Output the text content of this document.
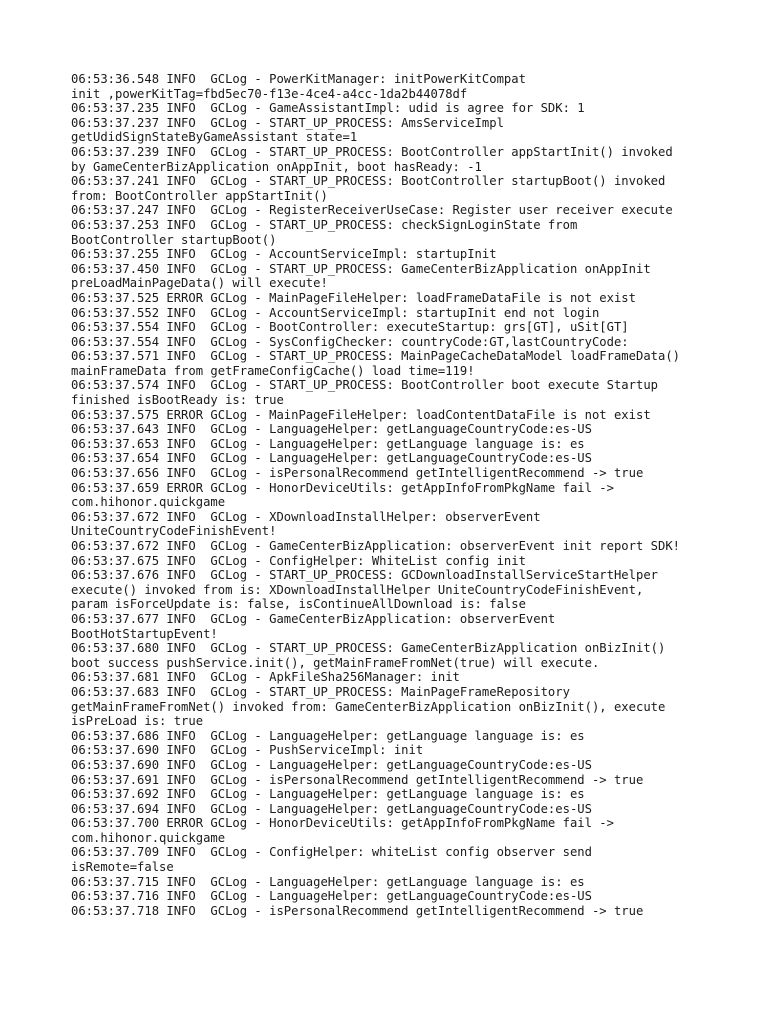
06:53:36.548 INFO  GCLog - PowerKitManager: initPowerKitCompat
init ,powerKitTag=fbd5ec70-f13e-4ce4-a4cc-1da2b44078df
06:53:37.235 INFO  GCLog - GameAssistantImpl: udid is agree for SDK: 1
06:53:37.237 INFO  GCLog - START_UP_PROCESS: AmsServiceImpl
getUdidSignStateByGameAssistant state=1
06:53:37.239 INFO  GCLog - START_UP_PROCESS: BootController appStartInit() invoked
by GameCenterBizApplication onAppInit, boot hasReady: -1
06:53:37.241 INFO  GCLog - START_UP_PROCESS: BootController startupBoot() invoked
from: BootController appStartInit()
06:53:37.247 INFO  GCLog - RegisterReceiverUseCase: Register user receiver execute
06:53:37.253 INFO  GCLog - START_UP_PROCESS: checkSignLoginState from
BootController startupBoot()
06:53:37.255 INFO  GCLog - AccountServiceImpl: startupInit
06:53:37.450 INFO  GCLog - START_UP_PROCESS: GameCenterBizApplication onAppInit
preLoadMainPageData() will execute!
06:53:37.525 ERROR GCLog - MainPageFileHelper: loadFrameDataFile is not exist
06:53:37.552 INFO  GCLog - AccountServiceImpl: startupInit end not login
06:53:37.554 INFO  GCLog - BootController: executeStartup: grs[GT], uSit[GT]
06:53:37.554 INFO  GCLog - SysConfigChecker: countryCode:GT,lastCountryCode:
06:53:37.571 INFO  GCLog - START_UP_PROCESS: MainPageCacheDataModel loadFrameData()
mainFrameData from getFrameConfigCache() load time=119!
06:53:37.574 INFO  GCLog - START_UP_PROCESS: BootController boot execute Startup
finished isBootReady is: true
06:53:37.575 ERROR GCLog - MainPageFileHelper: loadContentDataFile is not exist
06:53:37.643 INFO  GCLog - LanguageHelper: getLanguageCountryCode:es-US
06:53:37.653 INFO  GCLog - LanguageHelper: getLanguage language is: es
06:53:37.654 INFO  GCLog - LanguageHelper: getLanguageCountryCode:es-US
06:53:37.656 INFO  GCLog - isPersonalRecommend getIntelligentRecommend -> true
06:53:37.659 ERROR GCLog - HonorDeviceUtils: getAppInfoFromPkgName fail ->
com.hihonor.quickgame
06:53:37.672 INFO  GCLog - XDownloadInstallHelper: observerEvent
UniteCountryCodeFinishEvent!
06:53:37.672 INFO  GCLog - GameCenterBizApplication: observerEvent init report SDK!
06:53:37.675 INFO  GCLog - ConfigHelper: WhiteList config init
06:53:37.676 INFO  GCLog - START_UP_PROCESS: GCDownloadInstallServiceStartHelper
execute() invoked from is: XDownloadInstallHelper UniteCountryCodeFinishEvent,
param isForceUpdate is: false, isContinueAllDownload is: false
06:53:37.677 INFO  GCLog - GameCenterBizApplication: observerEvent
BootHotStartupEvent!
06:53:37.680 INFO  GCLog - START_UP_PROCESS: GameCenterBizApplication onBizInit()
boot success pushService.init(), getMainFrameFromNet(true) will execute.
06:53:37.681 INFO  GCLog - ApkFileSha256Manager: init
06:53:37.683 INFO  GCLog - START_UP_PROCESS: MainPageFrameRepository
getMainFrameFromNet() invoked from: GameCenterBizApplication onBizInit(), execute
isPreLoad is: true
06:53:37.686 INFO  GCLog - LanguageHelper: getLanguage language is: es
06:53:37.690 INFO  GCLog - PushServiceImpl: init
06:53:37.690 INFO  GCLog - LanguageHelper: getLanguageCountryCode:es-US
06:53:37.691 INFO  GCLog - isPersonalRecommend getIntelligentRecommend -> true
06:53:37.692 INFO  GCLog - LanguageHelper: getLanguage language is: es
06:53:37.694 INFO  GCLog - LanguageHelper: getLanguageCountryCode:es-US
06:53:37.700 ERROR GCLog - HonorDeviceUtils: getAppInfoFromPkgName fail ->
com.hihonor.quickgame
06:53:37.709 INFO  GCLog - ConfigHelper: whiteList config observer send
isRemote=false
06:53:37.715 INFO  GCLog - LanguageHelper: getLanguage language is: es
06:53:37.716 INFO  GCLog - LanguageHelper: getLanguageCountryCode:es-US
06:53:37.718 INFO  GCLog - isPersonalRecommend getIntelligentRecommend -> true
